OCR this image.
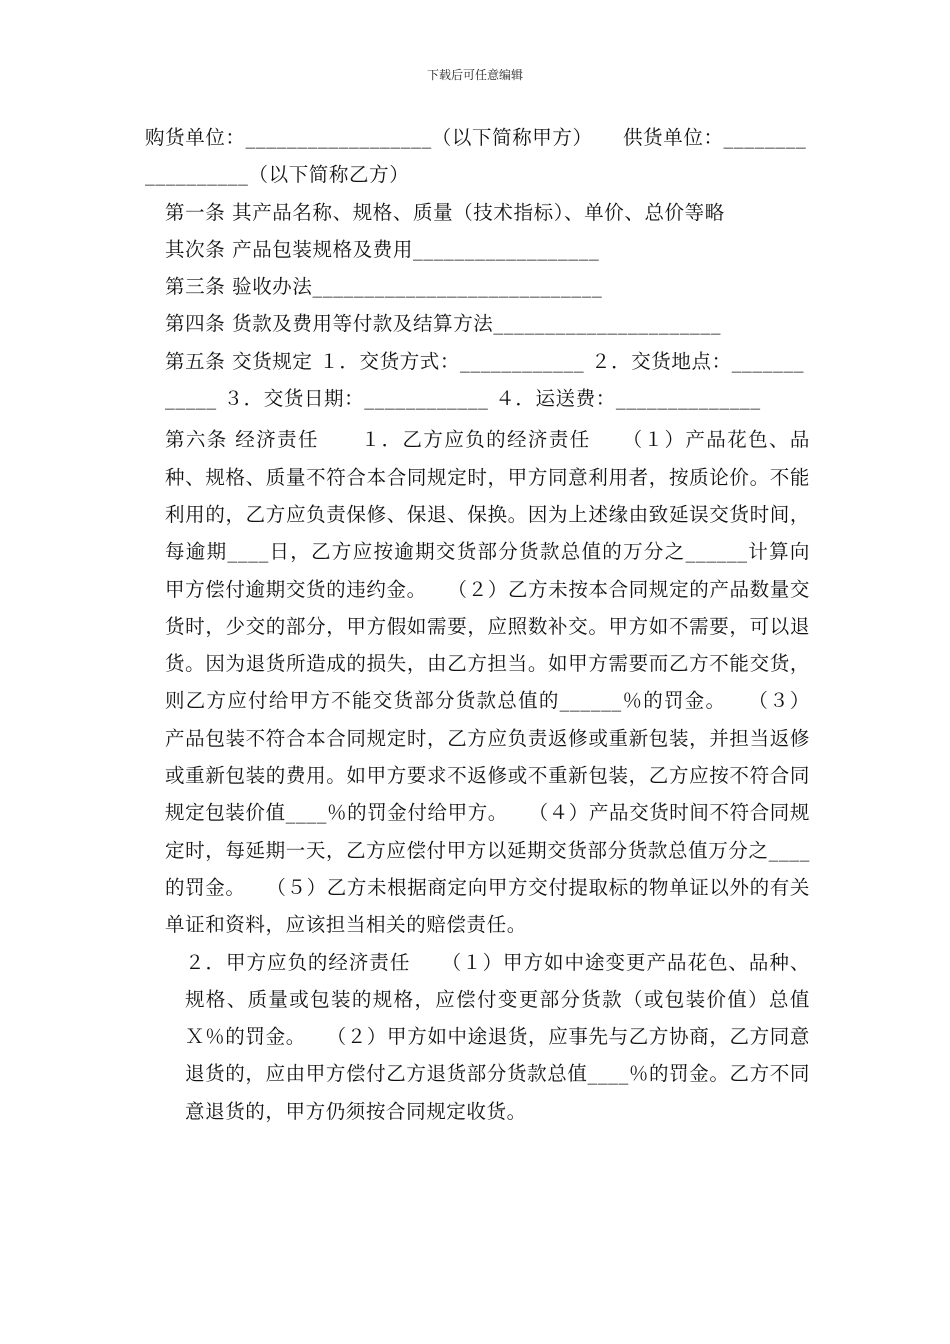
下载后可任意编辑

购货单位：__________________（以下简称甲方）　　供货单位：__________________（以下简称乙方）

第一条 其产品名称、规格、质量（技术指标）、单价、总价等略

其次条 产品包装规格及费用__________________

第三条 验收办法____________________________

第四条 货款及费用等付款及结算方法______________________

第五条 交货规定 １．交货方式：____________ ２．交货地点：____________ ３．交货日期：____________ ４．运送费：______________

第六条 经济责任　　１．乙方应负的经济责任　　（１）产品花色、品种、规格、质量不符合本合同规定时，甲方同意利用者，按质论价。不能利用的，乙方应负责保修、保退、保换。因为上述缘由致延误交货时间，每逾期____日，乙方应按逾期交货部分货款总值的万分之______计算向甲方偿付逾期交货的违约金。　　（２）乙方未按本合同规定的产品数量交货时，少交的部分，甲方假如需要，应照数补交。甲方如不需要，可以退货。因为退货所造成的损失，由乙方担当。如甲方需要而乙方不能交货，则乙方应付给甲方不能交货部分货款总值的______％的罚金。　　（３）产品包装不符合本合同规定时，乙方应负责返修或重新包装，并担当返修或重新包装的费用。如甲方要求不返修或不重新包装，乙方应按不符合同规定包装价值____％的罚金付给甲方。　　（４）产品交货时间不符合同规定时，每延期一天，乙方应偿付甲方以延期交货部分货款总值万分之____的罚金。　　（５）乙方未根据商定向甲方交付提取标的物单证以外的有关单证和资料，应该担当相关的赔偿责任。

２．甲方应负的经济责任　　（１）甲方如中途变更产品花色、品种、规格、质量或包装的规格，应偿付变更部分货款（或包装价值）总值Ｘ％的罚金。　　（２）甲方如中途退货，应事先与乙方协商，乙方同意退货的，应由甲方偿付乙方退货部分货款总值____％的罚金。乙方不同意退货的，甲方仍须按合同规定收货。
